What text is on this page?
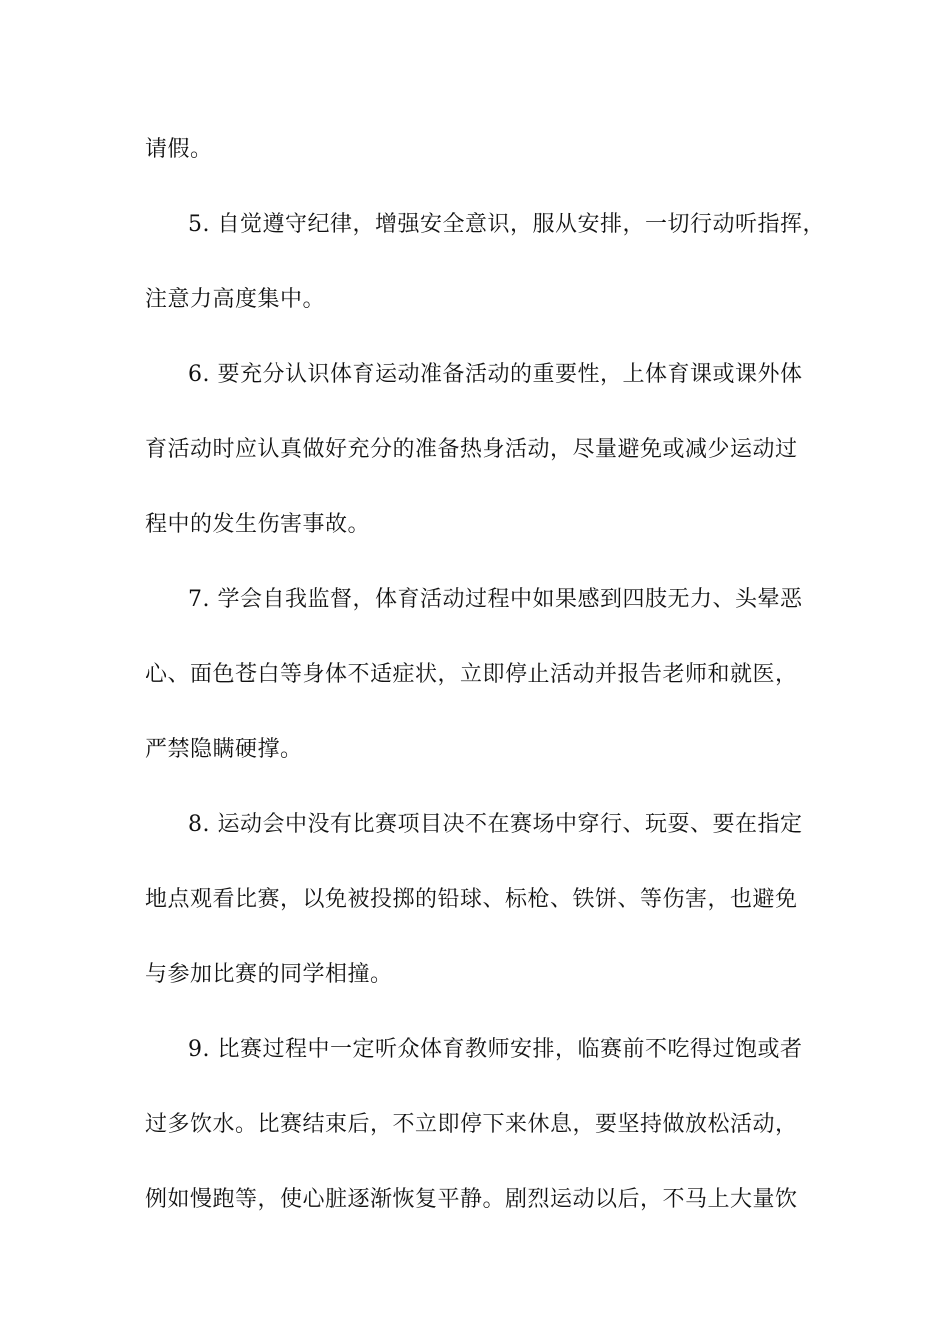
请假。
5. 自觉遵守纪律，增强安全意识，服从安排，一切行动听指挥，
注意力高度集中。
6. 要充分认识体育运动准备活动的重要性，上体育课或课外体
育活动时应认真做好充分的准备热身活动，尽量避免或减少运动过
程中的发生伤害事故。
7. 学会自我监督，体育活动过程中如果感到四肢无力、头晕恶
心、面色苍白等身体不适症状，立即停止活动并报告老师和就医，
严禁隐瞒硬撑。
8. 运动会中没有比赛项目决不在赛场中穿行、玩耍、要在指定
地点观看比赛，以免被投掷的铅球、标枪、铁饼、等伤害，也避免
与参加比赛的同学相撞。
9. 比赛过程中一定听众体育教师安排，临赛前不吃得过饱或者
过多饮水。比赛结束后，不立即停下来休息，要坚持做放松活动，
例如慢跑等，使心脏逐渐恢复平静。剧烈运动以后，不马上大量饮
